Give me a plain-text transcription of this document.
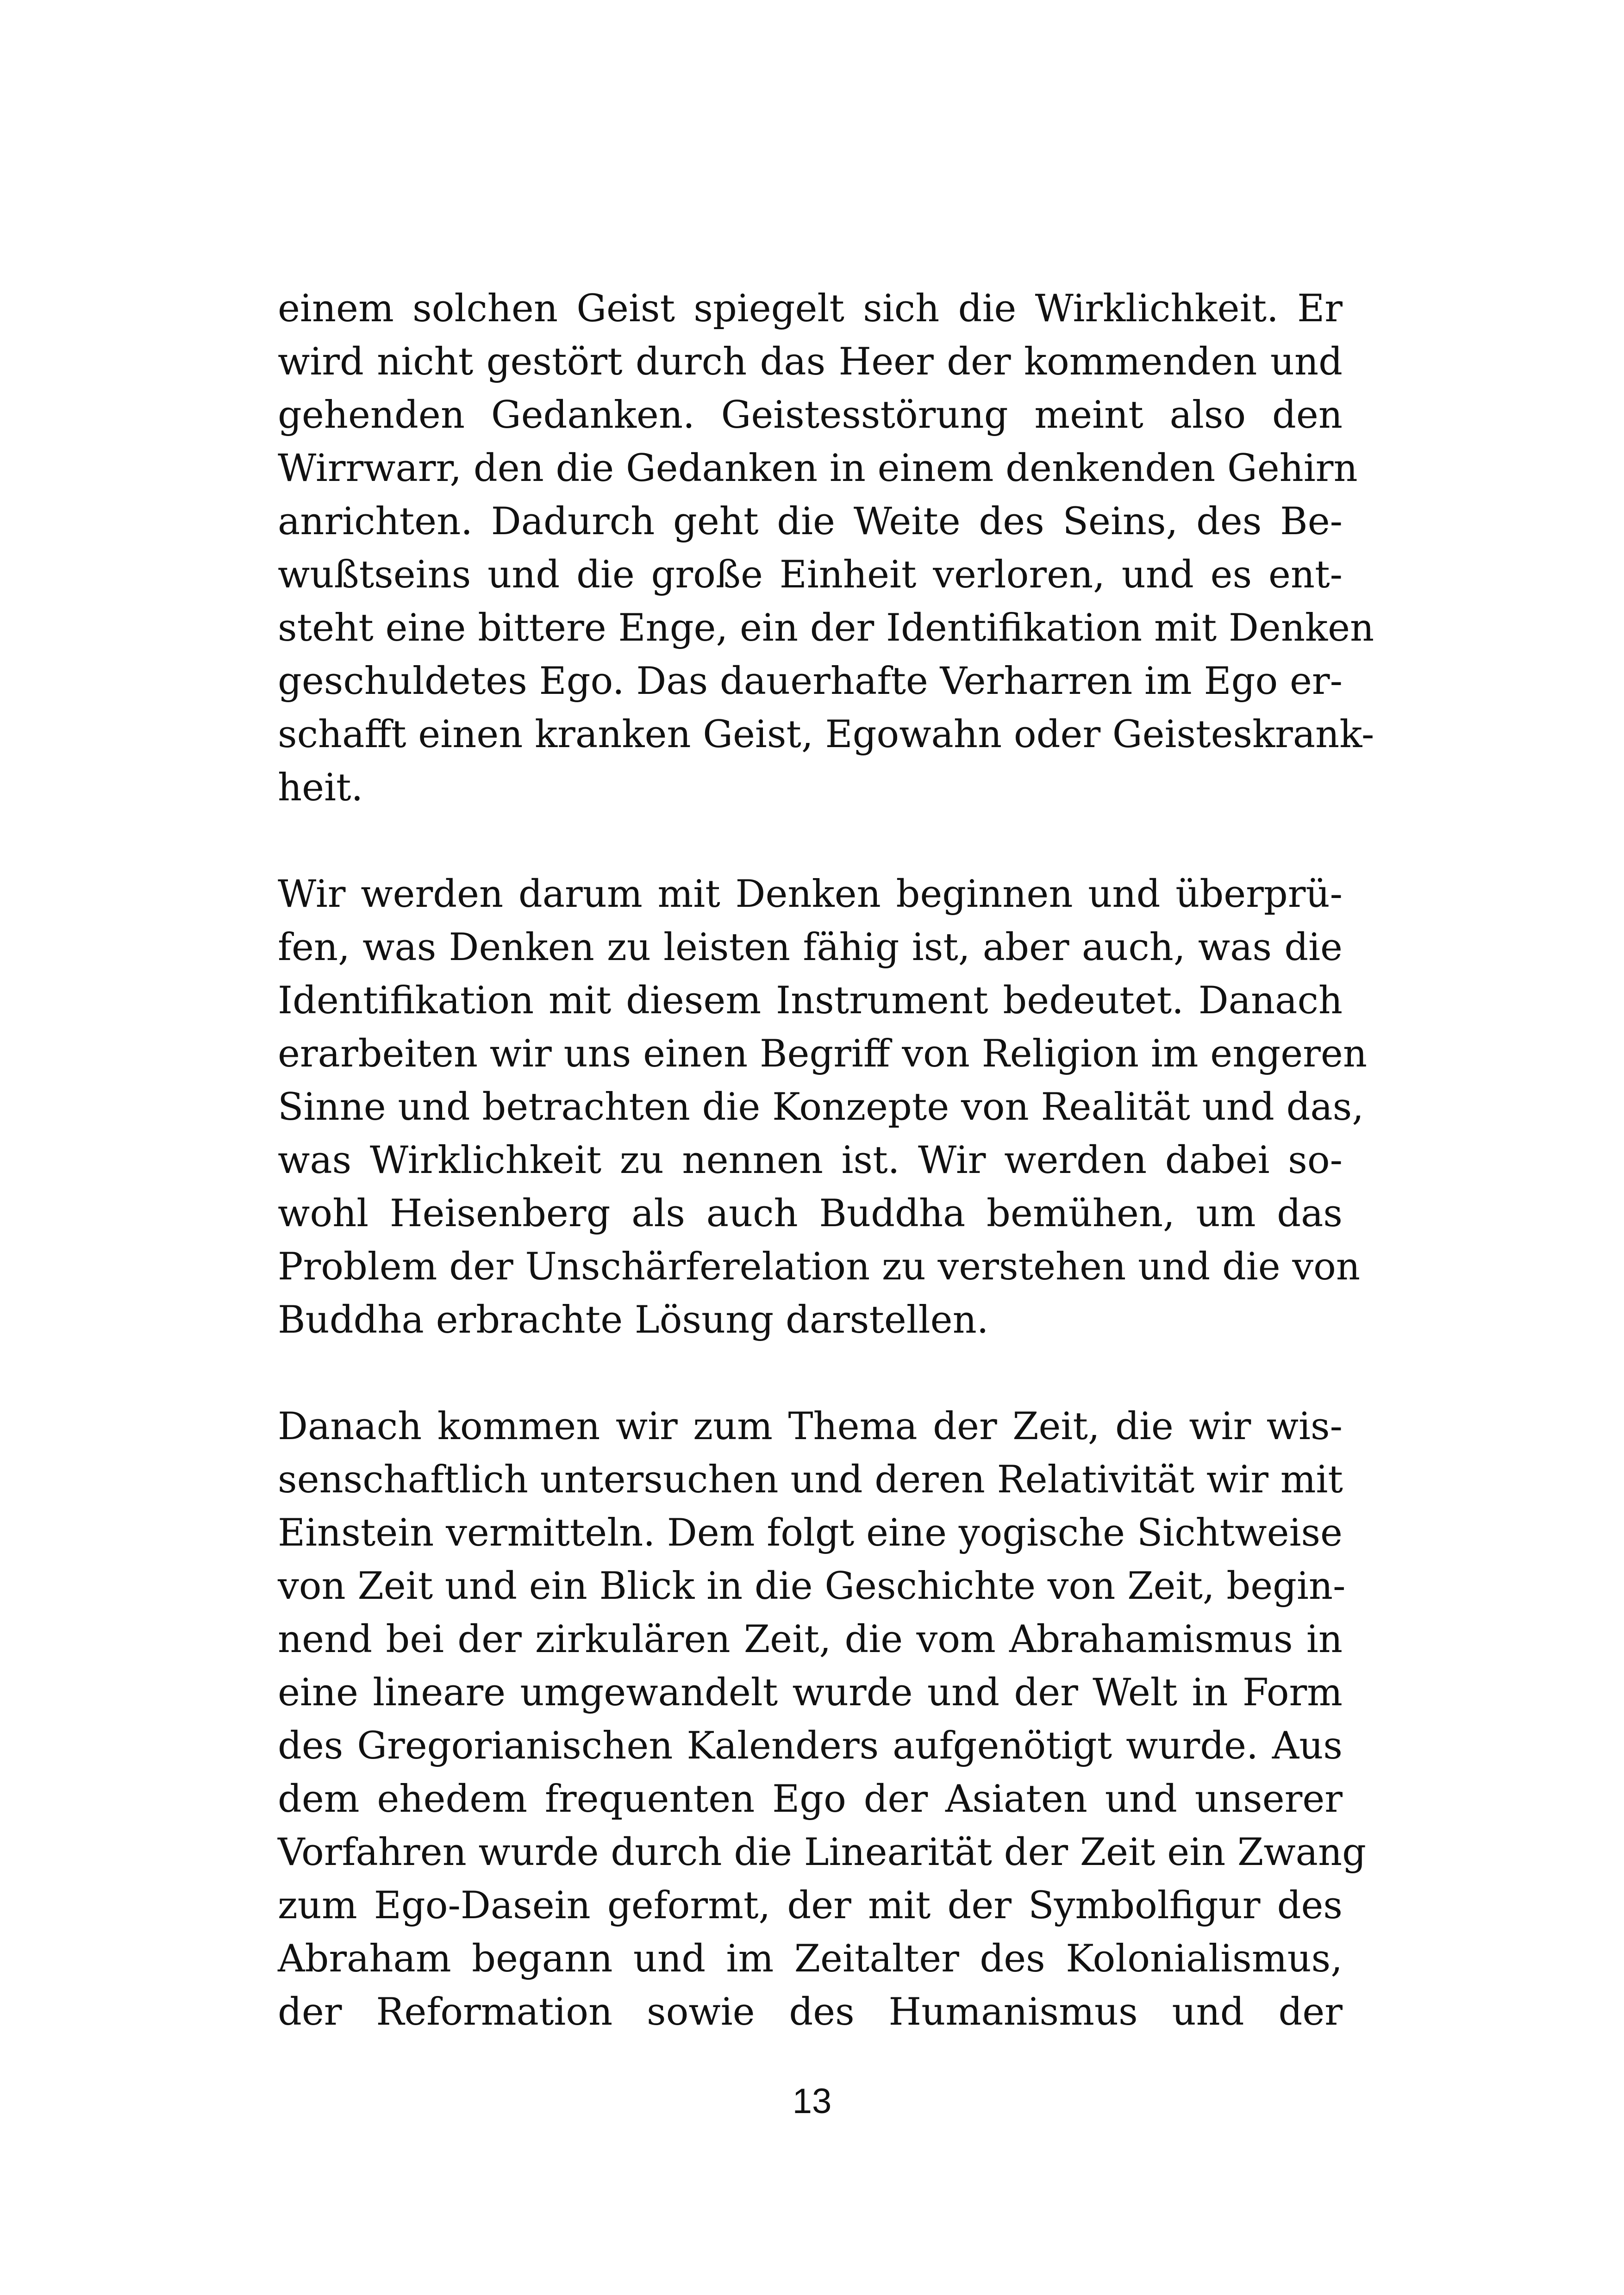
einem solchen Geist spiegelt sich die Wirklichkeit. Er
wird nicht gestört durch das Heer der kommenden und
gehenden Gedanken. Geistesstörung meint also den
Wirrwarr, den die Gedanken in einem denkenden Gehirn
anrichten. Dadurch geht die Weite des Seins, des Be-
wußtseins und die große Einheit verloren, und es ent-
steht eine bittere Enge, ein der Identifikation mit Denken
geschuldetes Ego. Das dauerhafte Verharren im Ego er-
schafft einen kranken Geist, Egowahn oder Geisteskrank-
heit.

Wir werden darum mit Denken beginnen und überprü-
fen, was Denken zu leisten fähig ist, aber auch, was die
Identifikation mit diesem Instrument bedeutet. Danach
erarbeiten wir uns einen Begriff von Religion im engeren
Sinne und betrachten die Konzepte von Realität und das,
was Wirklichkeit zu nennen ist. Wir werden dabei so-
wohl Heisenberg als auch Buddha bemühen, um das
Problem der Unschärferelation zu verstehen und die von
Buddha erbrachte Lösung darstellen.

Danach kommen wir zum Thema der Zeit, die wir wis-
senschaftlich untersuchen und deren Relativität wir mit
Einstein vermitteln. Dem folgt eine yogische Sichtweise
von Zeit und ein Blick in die Geschichte von Zeit, begin-
nend bei der zirkulären Zeit, die vom Abrahamismus in
eine lineare umgewandelt wurde und der Welt in Form
des Gregorianischen Kalenders aufgenötigt wurde. Aus
dem ehedem frequenten Ego der Asiaten und unserer
Vorfahren wurde durch die Linearität der Zeit ein Zwang
zum Ego-Dasein geformt, der mit der Symbolfigur des
Abraham begann und im Zeitalter des Kolonialismus,
der Reformation sowie des Humanismus und der

13
